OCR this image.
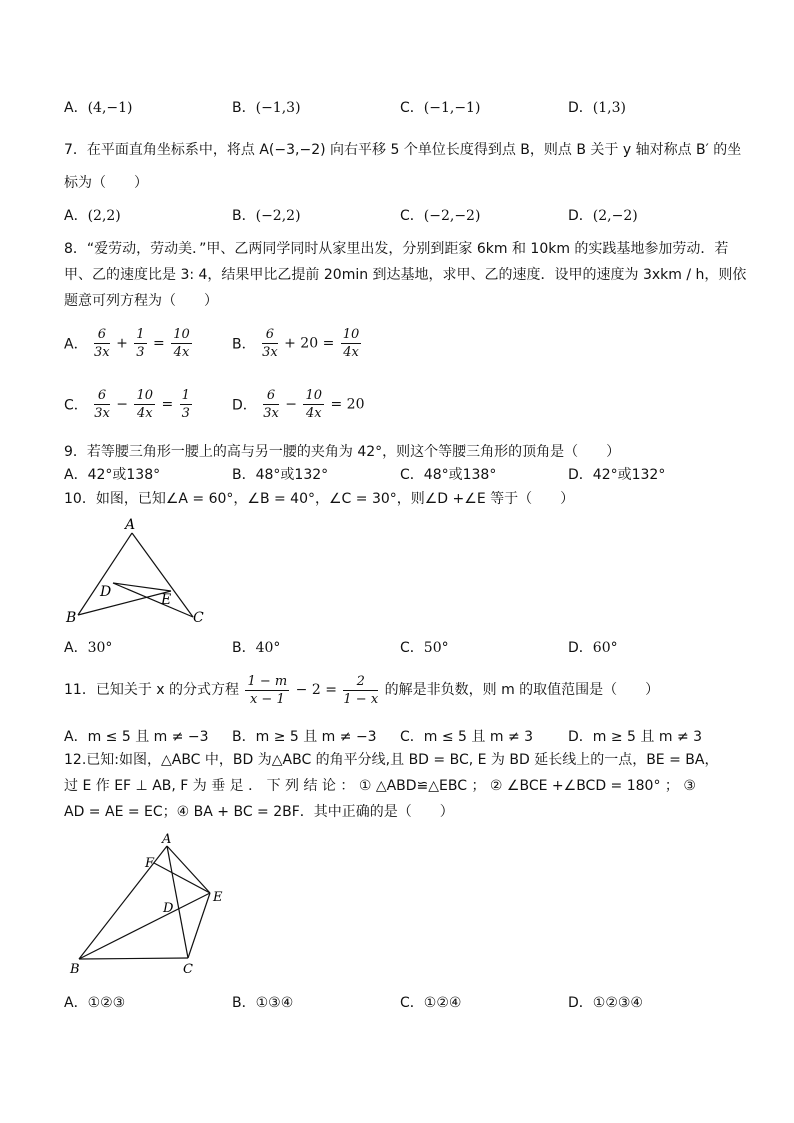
A．(4,−1)	B．(−1,3)	C．(−1,−1)	D．(1,3)
7．在平面直角坐标系中，将点 A(−3,−2) 向右平移 5 个单位长度得到点 B，则点 B 关于 y 轴对称点 B′ 的坐
标为（　　）
A．(2,2)	B．(−2,2)	C．(−2,−2)	D．(2,−2)
8．“爱劳动，劳动美．”甲、乙两同学同时从家里出发，分别到距家 6km 和 10km 的实践基地参加劳动．若
甲、乙的速度比是 3: 4，结果甲比乙提前 20min 到达基地，求甲、乙的速度．设甲的速度为 3xkm / h，则依
题意可列方程为（　　）
A． $\frac{6}{3x} + \frac{1}{3} = \frac{10}{4x}$	B． $\frac{6}{3x} + 20 = \frac{10}{4x}$
C． $\frac{6}{3x} - \frac{10}{4x} = \frac{1}{3}$	D． $\frac{6}{3x} - \frac{10}{4x} = 20$
9．若等腰三角形一腰上的高与另一腰的夹角为 42°，则这个等腰三角形的顶角是（　　）
A．42°或138°	B．48°或132°	C．48°或138°	D．42°或132°
10．如图，已知∠A = 60°，∠B = 40°，∠C = 30°，则∠D +∠E 等于（　　）
A
B	C
D	E
A．30°	B．40°	C．50°	D．60°
11．已知关于 x 的分式方程 $\frac{1 - m}{x - 1} - 2 = \frac{2}{1 - x}$ 的解是非负数，则 m 的取值范围是（　　）
A．m ≤ 5 且 m ≠ −3 B．m ≥ 5 且 m ≠ −3 C．m ≤ 5 且 m ≠ 3 D．m ≥ 5 且 m ≠ 3
12.已知:如图，△ABC 中，BD 为△ABC 的角平分线,且 BD = BC, E 为 BD 延长线上的一点，BE = BA，
过 E 作 EF ⊥ AB, F 为 垂 足 ． 下 列 结 论 ： ① △ABD≌△EBC ； ② ∠BCE +∠BCD = 180° ； ③
AD = AE = EC；④ BA + BC = 2BF．其中正确的是（　　）
A
F
E
D
B	C
A．①②③	B．①③④	C．①②④	D．①②③④
